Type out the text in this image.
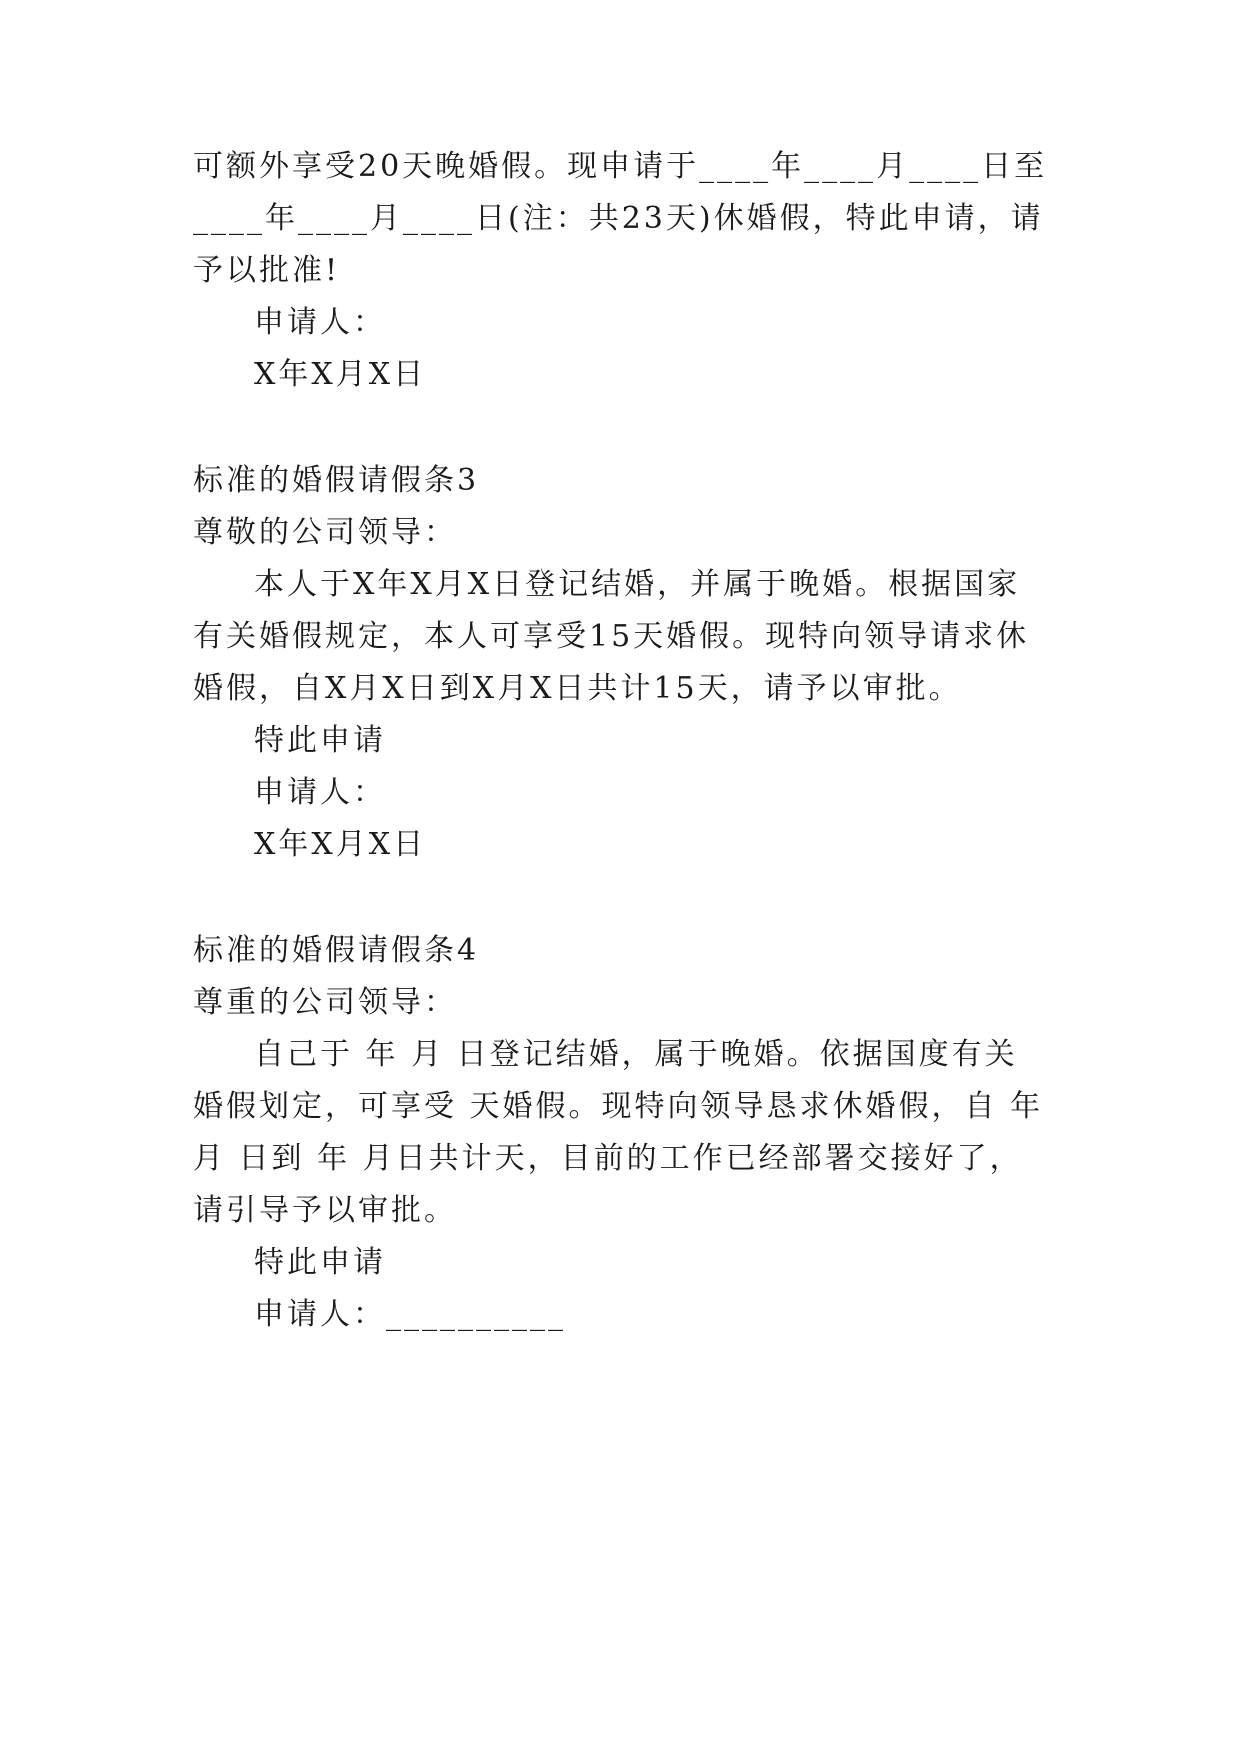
可额外享受20天晚婚假。现申请于____年____月____日至
____年____月____日(注：共23天)休婚假，特此申请，请
予以批准!
申请人：
X年X月X日
标准的婚假请假条3
尊敬的公司领导：
本人于X年X月X日登记结婚，并属于晚婚。根据国家
有关婚假规定，本人可享受15天婚假。现特向领导请求休
婚假，自X月X日到X月X日共计15天，请予以审批。
特此申请
申请人：
X年X月X日
标准的婚假请假条4
尊重的公司领导：
自己于 年 月 日登记结婚，属于晚婚。依据国度有关
婚假划定，可享受 天婚假。现特向领导恳求休婚假，自 年
月 日到 年 月日共计天，目前的工作已经部署交接好了，
请引导予以审批。
特此申请
申请人：__________
